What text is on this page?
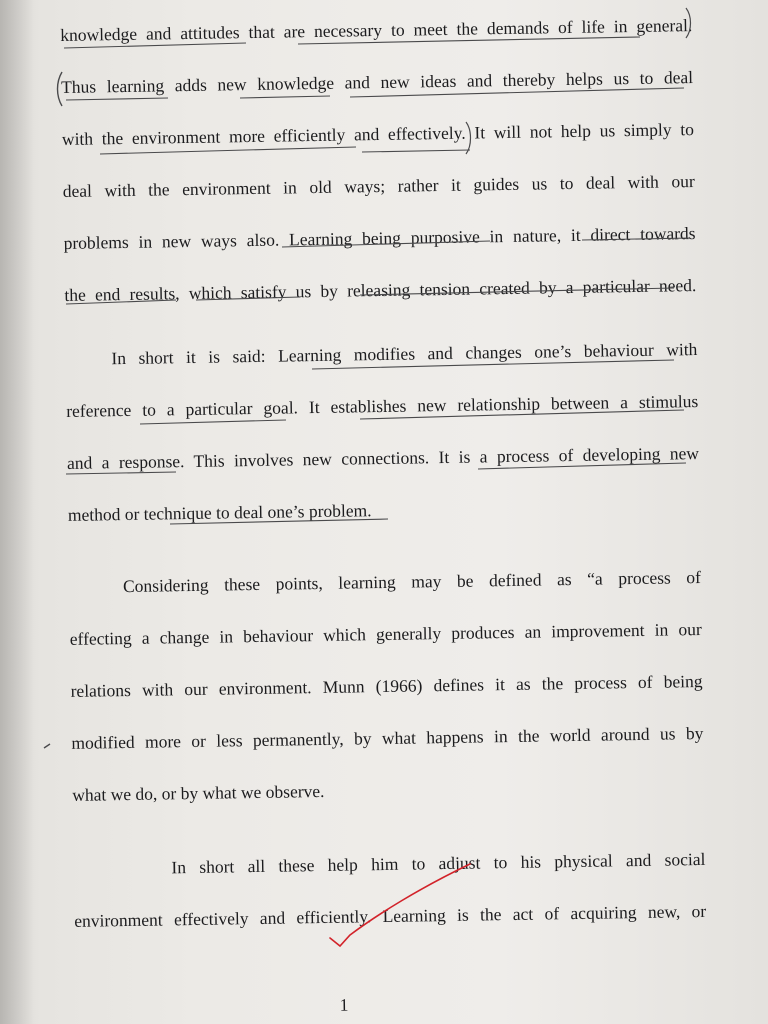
knowledge and attitudes that are necessary to meet the demands of life in general.
Thus learning adds new knowledge and new ideas and thereby helps us to deal
with the environment more efficiently and effectively. It will not help us simply to
deal with the environment in old ways; rather it guides us to deal with our
problems in new ways also. Learning being purposive in nature, it direct towards
the end results, which satisfy us by releasing tension created by a particular need.
In short it is said: Learning modifies and changes one’s behaviour with
reference to a particular goal. It establishes new relationship between a stimulus
and a response. This involves new connections. It is a process of developing new
method or technique to deal one’s problem.
Considering these points, learning may be defined as “a process of
effecting a change in behaviour which generally produces an improvement in our
relations with our environment. Munn (1966) defines it as the process of being
modified more or less permanently, by what happens in the world around us by
what we do, or by what we observe.
In short all these help him to adjust to his physical and social
environment effectively and efficiently. Learning is the act of acquiring new, or
1
